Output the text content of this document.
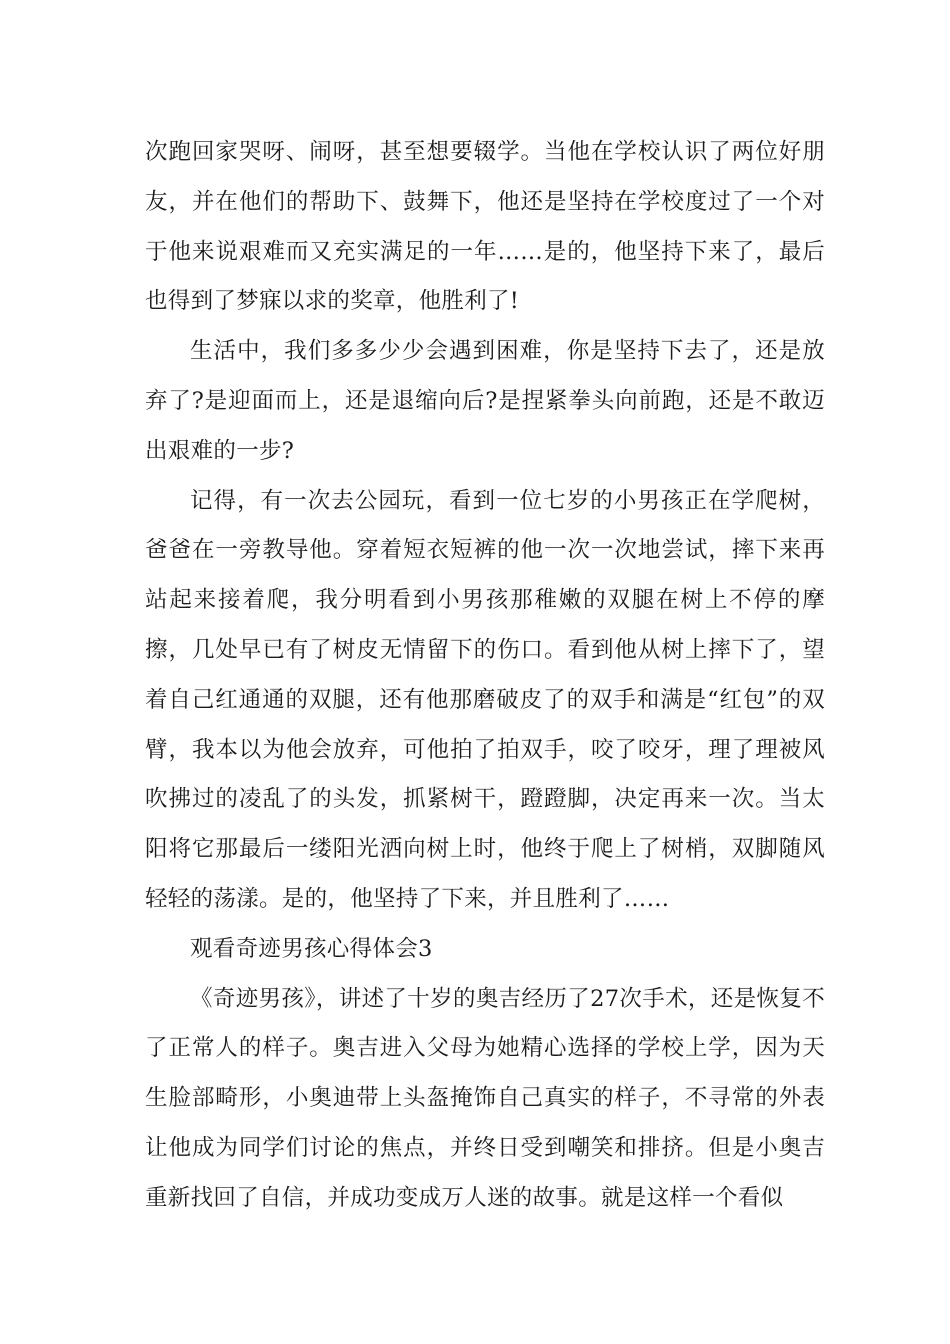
次跑回家哭呀、闹呀，甚至想要辍学。当他在学校认识了两位好朋友，并在他们的帮助下、鼓舞下，他还是坚持在学校度过了一个对于他来说艰难而又充实满足的一年……是的，他坚持下来了，最后也得到了梦寐以求的奖章，他胜利了!

生活中，我们多多少少会遇到困难，你是坚持下去了，还是放弃了?是迎面而上，还是退缩向后?是捏紧拳头向前跑，还是不敢迈出艰难的一步?

记得，有一次去公园玩，看到一位七岁的小男孩正在学爬树，爸爸在一旁教导他。穿着短衣短裤的他一次一次地尝试，摔下来再站起来接着爬，我分明看到小男孩那稚嫩的双腿在树上不停的摩擦，几处早已有了树皮无情留下的伤口。看到他从树上摔下了，望着自己红通通的双腿，还有他那磨破皮了的双手和满是“红包”的双臂，我本以为他会放弃，可他拍了拍双手，咬了咬牙，理了理被风吹拂过的凌乱了的头发，抓紧树干，蹬蹬脚，决定再来一次。当太阳将它那最后一缕阳光洒向树上时，他终于爬上了树梢，双脚随风轻轻的荡漾。是的，他坚持了下来，并且胜利了……

观看奇迹男孩心得体会3

《奇迹男孩》，讲述了十岁的奥吉经历了27次手术，还是恢复不了正常人的样子。奥吉进入父母为她精心选择的学校上学，因为天生脸部畸形，小奥迪带上头盔掩饰自己真实的样子，不寻常的外表让他成为同学们讨论的焦点，并终日受到嘲笑和排挤。但是小奥吉重新找回了自信，并成功变成万人迷的故事。就是这样一个看似
